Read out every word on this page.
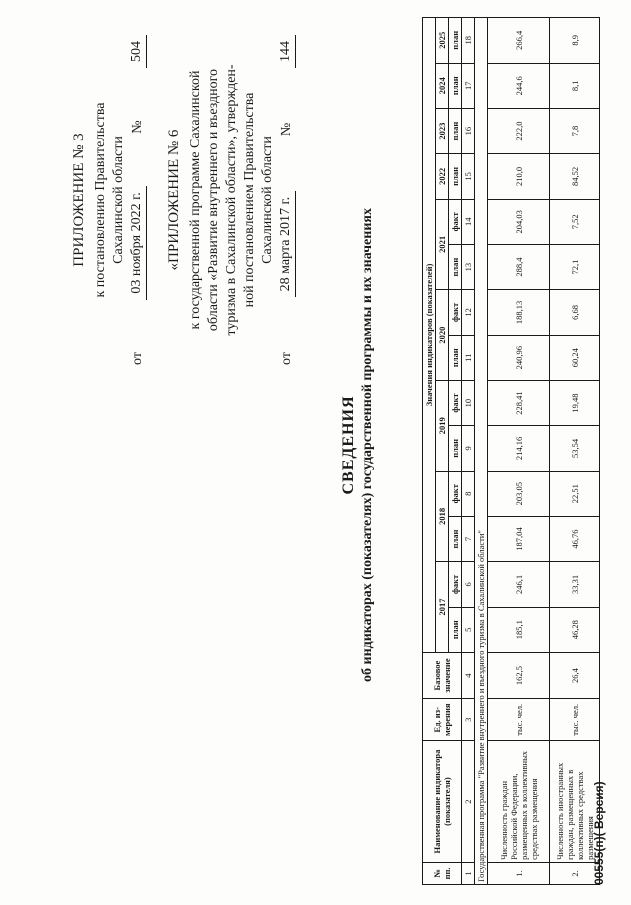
ПРИЛОЖЕНИЕ № 3 к постановлению Правительства Сахалинской области
от
03 ноября 2022 г.
№
504
«ПРИЛОЖЕНИЕ № 6 к государственной программе Сахалинской области «Развитие внутреннего и въездного туризма в Сахалинской области», утвержден- ной постановлением Правительства Сахалинской области
от
28 марта 2017 г.
№
144
СВЕДЕНИЯ об индикаторах (показателях) государственной программы и их значениях
№ пп.	Наименование индикатора (показателя)	Ед. из-мерения	Базовое значение	Значения индикаторов (показателей)													
				2017		2018		2019		2020		2021		2022	2023	2024	2025
				план	факт	план	факт	план	факт	план	факт	план	факт	план	план	план	план
1	2	3	4	5	6	7	8	9	10	11	12	13	14	15	16	17	18
Государственная программа "Развитие внутреннего и въездного туризма в Сахалинской области"																	
1.	Численность граждан Российской Федерации, размещенных в коллективных средствах размещения	тыс. чел.	162,5	185,1	246,1	187,04	203,05	214,16	228,41	240,96	188,13	288,4	204,03	210,0	222,0	244,6	266,4
2.	Численность иностранных граждан, размещенных в коллективных средствах размещения	тыс. чел.	26,4	46,28	33,31	46,76	22,51	53,54	19,48	60,24	6,68	72,1	7,52	84,52	7,8	8,1	8,9
00555(п)( Версия)
